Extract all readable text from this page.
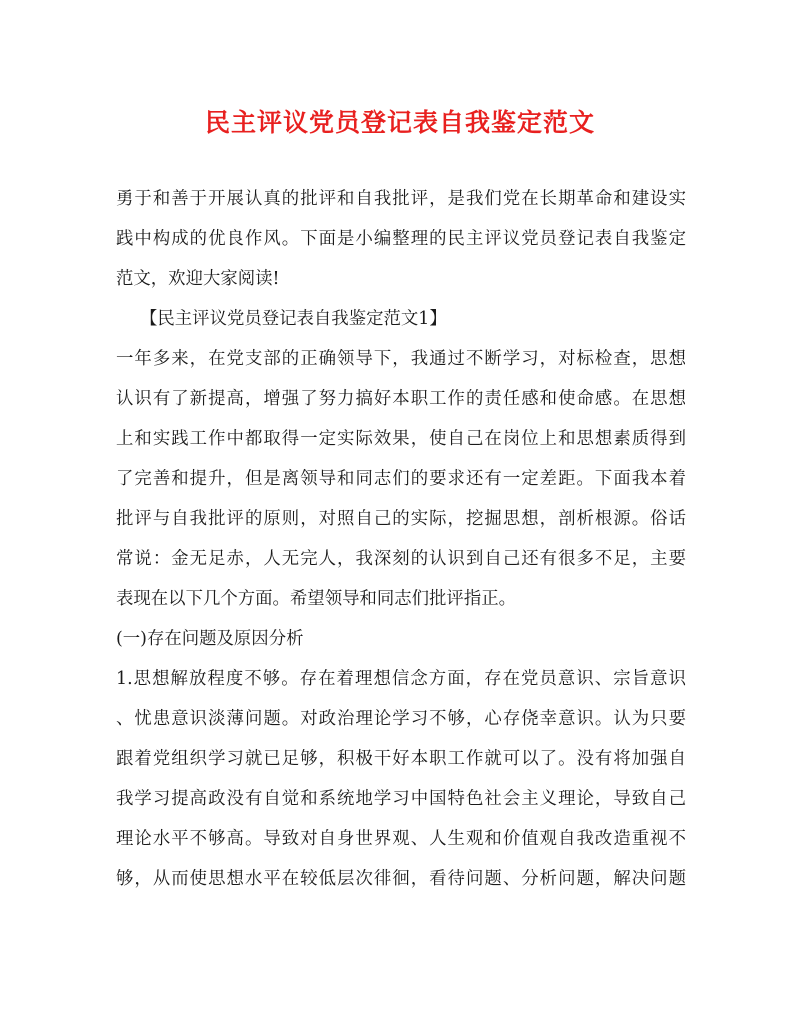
民主评议党员登记表自我鉴定范文
勇于和善于开展认真的批评和自我批评，是我们党在长期革命和建设实
践中构成的优良作风。下面是小编整理的民主评议党员登记表自我鉴定
范文，欢迎大家阅读!
【民主评议党员登记表自我鉴定范文1】
一年多来，在党支部的正确领导下，我通过不断学习，对标检查，思想
认识有了新提高，增强了努力搞好本职工作的责任感和使命感。在思想
上和实践工作中都取得一定实际效果，使自己在岗位上和思想素质得到
了完善和提升，但是离领导和同志们的要求还有一定差距。下面我本着
批评与自我批评的原则，对照自己的实际，挖掘思想，剖析根源。俗话
常说：金无足赤，人无完人，我深刻的认识到自己还有很多不足，主要
表现在以下几个方面。希望领导和同志们批评指正。
(一)存在问题及原因分析
1.思想解放程度不够。存在着理想信念方面，存在党员意识、宗旨意识
、忧患意识淡薄问题。对政治理论学习不够，心存侥幸意识。认为只要
跟着党组织学习就已足够，积极干好本职工作就可以了。没有将加强自
我学习提高政没有自觉和系统地学习中国特色社会主义理论，导致自己
理论水平不够高。导致对自身世界观、人生观和价值观自我改造重视不
够，从而使思想水平在较低层次徘徊，看待问题、分析问题，解决问题
